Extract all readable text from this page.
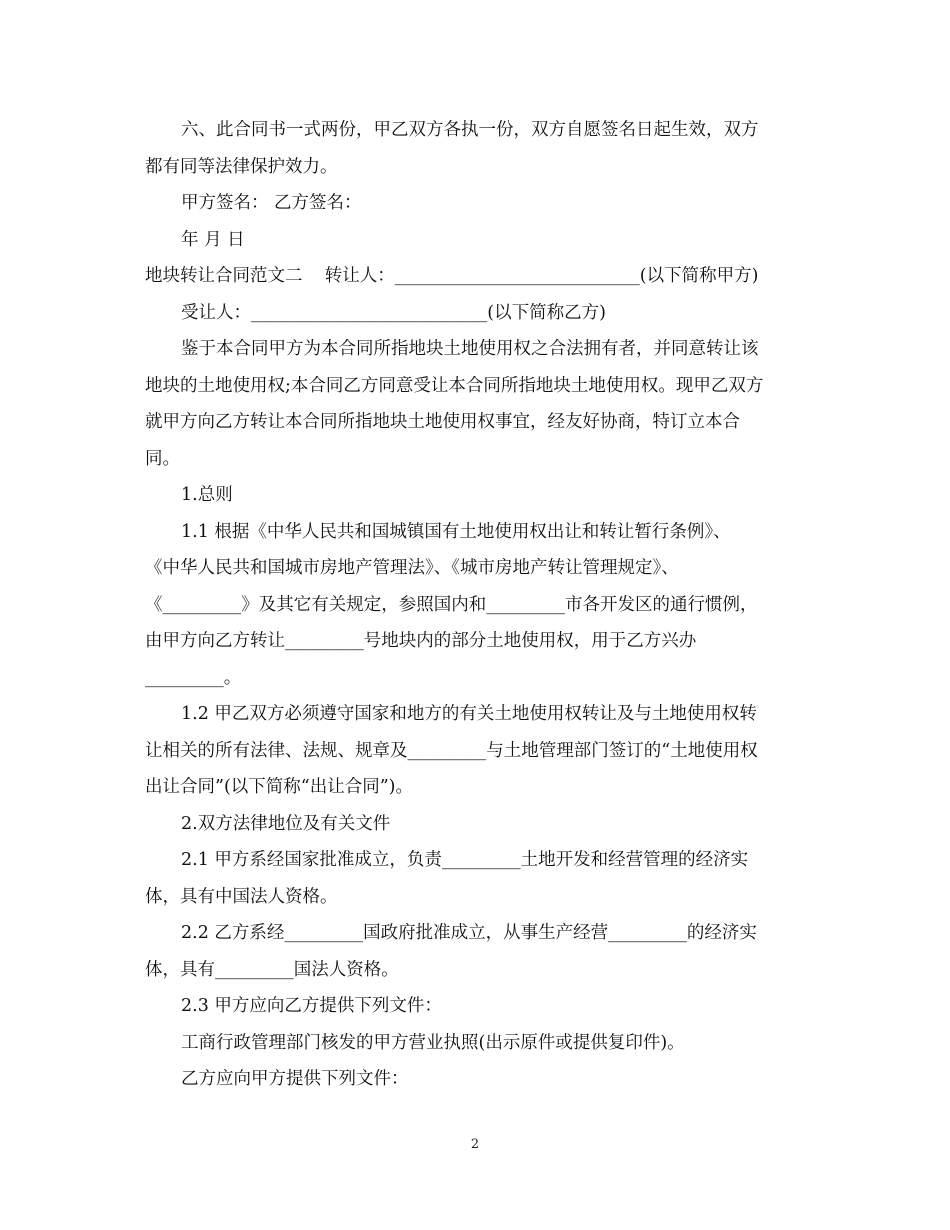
六、此合同书一式两份，甲乙双方各执一份，双方自愿签名日起生效，双方
都有同等法律保护效力。
甲方签名： 乙方签名：
年 月 日
地块转让合同范文二    转让人：____________________________(以下简称甲方)
受让人：___________________________(以下简称乙方)
鉴于本合同甲方为本合同所指地块土地使用权之合法拥有者，并同意转让该
地块的土地使用权;本合同乙方同意受让本合同所指地块土地使用权。现甲乙双方
就甲方向乙方转让本合同所指地块土地使用权事宜，经友好协商，特订立本合
同。
1.总则
1.1 根据《中华人民共和国城镇国有土地使用权出让和转让暂行条例》、
《中华人民共和国城市房地产管理法》、《城市房地产转让管理规定》、
《_________》及其它有关规定，参照国内和_________市各开发区的通行惯例，
由甲方向乙方转让_________号地块内的部分土地使用权，用于乙方兴办
_________。
1.2 甲乙双方必须遵守国家和地方的有关土地使用权转让及与土地使用权转
让相关的所有法律、法规、规章及_________与土地管理部门签订的“土地使用权
出让合同”(以下简称“出让合同”)。
2.双方法律地位及有关文件
2.1 甲方系经国家批准成立，负责_________土地开发和经营管理的经济实
体，具有中国法人资格。
2.2 乙方系经_________国政府批准成立，从事生产经营_________的经济实
体，具有_________国法人资格。
2.3 甲方应向乙方提供下列文件：
工商行政管理部门核发的甲方营业执照(出示原件或提供复印件)。
乙方应向甲方提供下列文件：
2
